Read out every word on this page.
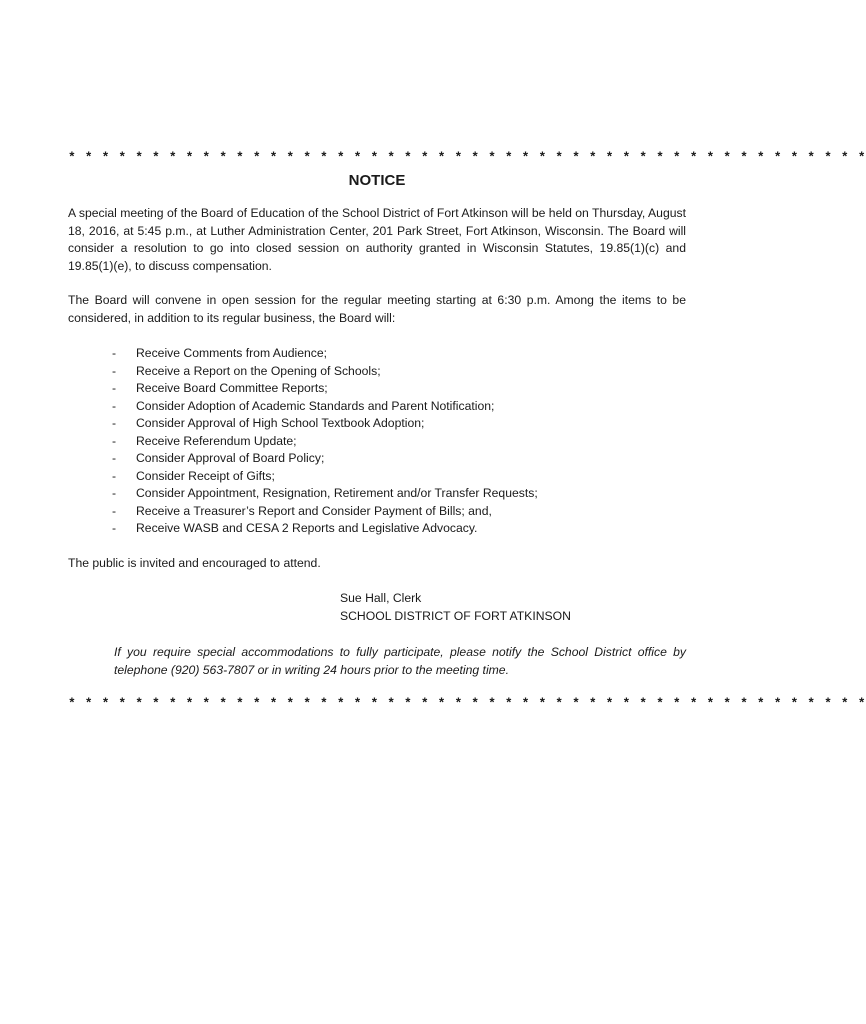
* * * * * * * * * * * * * * * * * * * * * * * * * * * * * * * * * * * * * * * * * * * * * * * *
NOTICE
A special meeting of the Board of Education of the School District of Fort Atkinson will be held on Thursday, August 18, 2016, at 5:45 p.m., at Luther Administration Center, 201 Park Street, Fort Atkinson, Wisconsin. The Board will consider a resolution to go into closed session on authority granted in Wisconsin Statutes, 19.85(1)(c) and 19.85(1)(e), to discuss compensation.
The Board will convene in open session for the regular meeting starting at 6:30 p.m. Among the items to be considered, in addition to its regular business, the Board will:
-	Receive Comments from Audience;
-	Receive a Report on the Opening of Schools;
-	Receive Board Committee Reports;
-	Consider Adoption of Academic Standards and Parent Notification;
-	Consider Approval of High School Textbook Adoption;
-	Receive Referendum Update;
-	Consider Approval of Board Policy;
-	Consider Receipt of Gifts;
-	Consider Appointment, Resignation, Retirement and/or Transfer Requests;
-	Receive a Treasurer’s Report and Consider Payment of Bills; and,
-	Receive WASB and CESA 2 Reports and Legislative Advocacy.
The public is invited and encouraged to attend.
Sue Hall, Clerk
SCHOOL DISTRICT OF FORT ATKINSON
If you require special accommodations to fully participate, please notify the School District office by telephone (920) 563-7807 or in writing 24 hours prior to the meeting time.
* * * * * * * * * * * * * * * * * * * * * * * * * * * * * * * * * * * * * * * * * * * * * * * *
